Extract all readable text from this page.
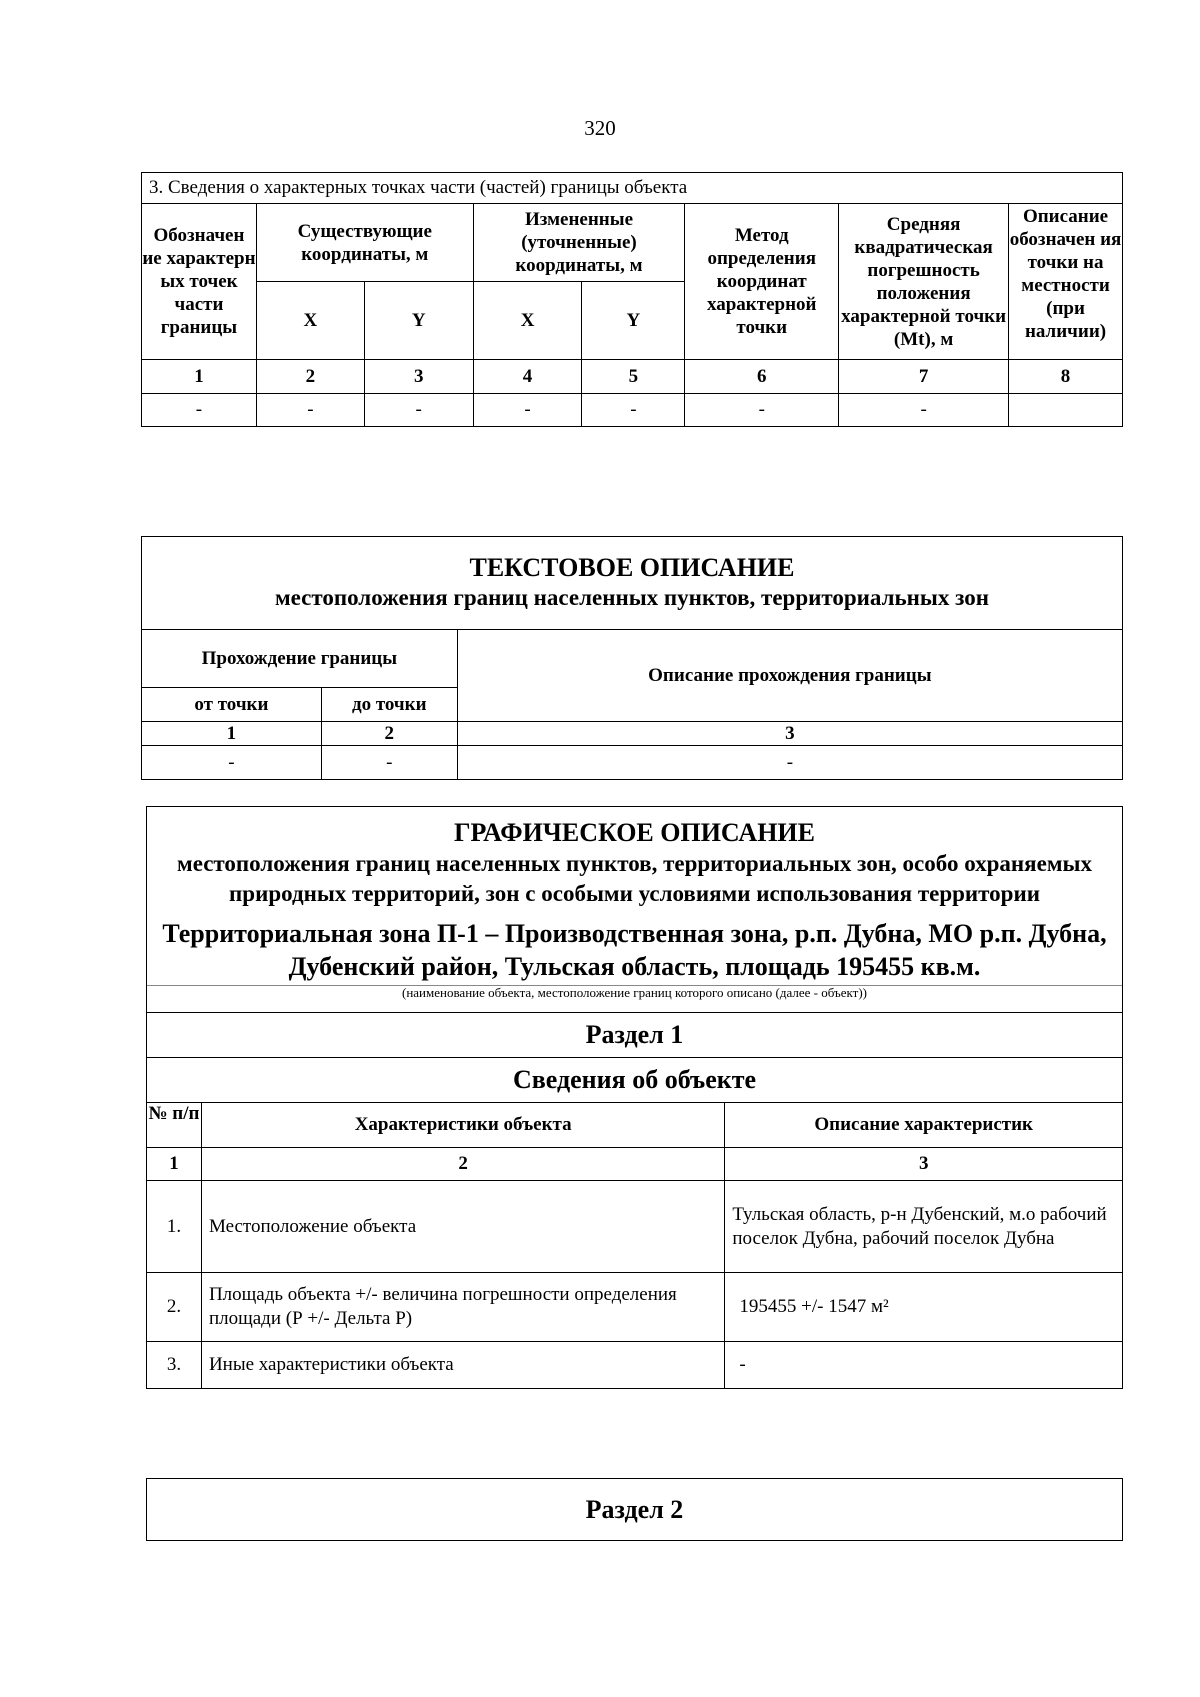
320
3. Сведения о характерных точках части (частей) границы объекта							
Обозначен ие характерн ых точек части границы	Существующие координаты, м		Измененные (уточненные) координаты, м		Метод определения координат характерной точки	Средняя квадратическая погрешность положения характерной точки (Mt), м	Описание обозначен ия точки на местности (при наличии)

	X	Y	X	Y			
1	2	3	4	5	6	7	8
-	-	-	-	-	-	-	
ТЕКСТОВОЕ ОПИСАНИЕ
местоположения границ населенных пунктов, территориальных зон		

Прохождение границы		Описание прохождения границы
от точки	до точки	
1	2	3
-	-	-
ГРАФИЧЕСКОЕ ОПИСАНИЕ
местоположения границ населенных пунктов, территориальных зон, особо охраняемых природных территорий, зон с особыми условиями использования территории
Территориальная зона П-1 – Производственная зона, р.п. Дубна, МО р.п. Дубна, Дубенский район, Тульская область, площадь 195455 кв.м.		

(наименование объекта, местоположение границ которого описано (далее - объект))		
Раздел 1		
Сведения об объекте		

№ п/п	Характеристики объекта	Описание характеристик
1	2	3
1.	Местоположение объекта	Тульская область, р-н Дубенский, м.о рабочий поселок Дубна, рабочий поселок Дубна
2.	Площадь объекта +/- величина погрешности определения площади (Р +/- Дельта Р)	195455 +/- 1547 м²
3.	Иные характеристики объекта	-
Раздел 2
